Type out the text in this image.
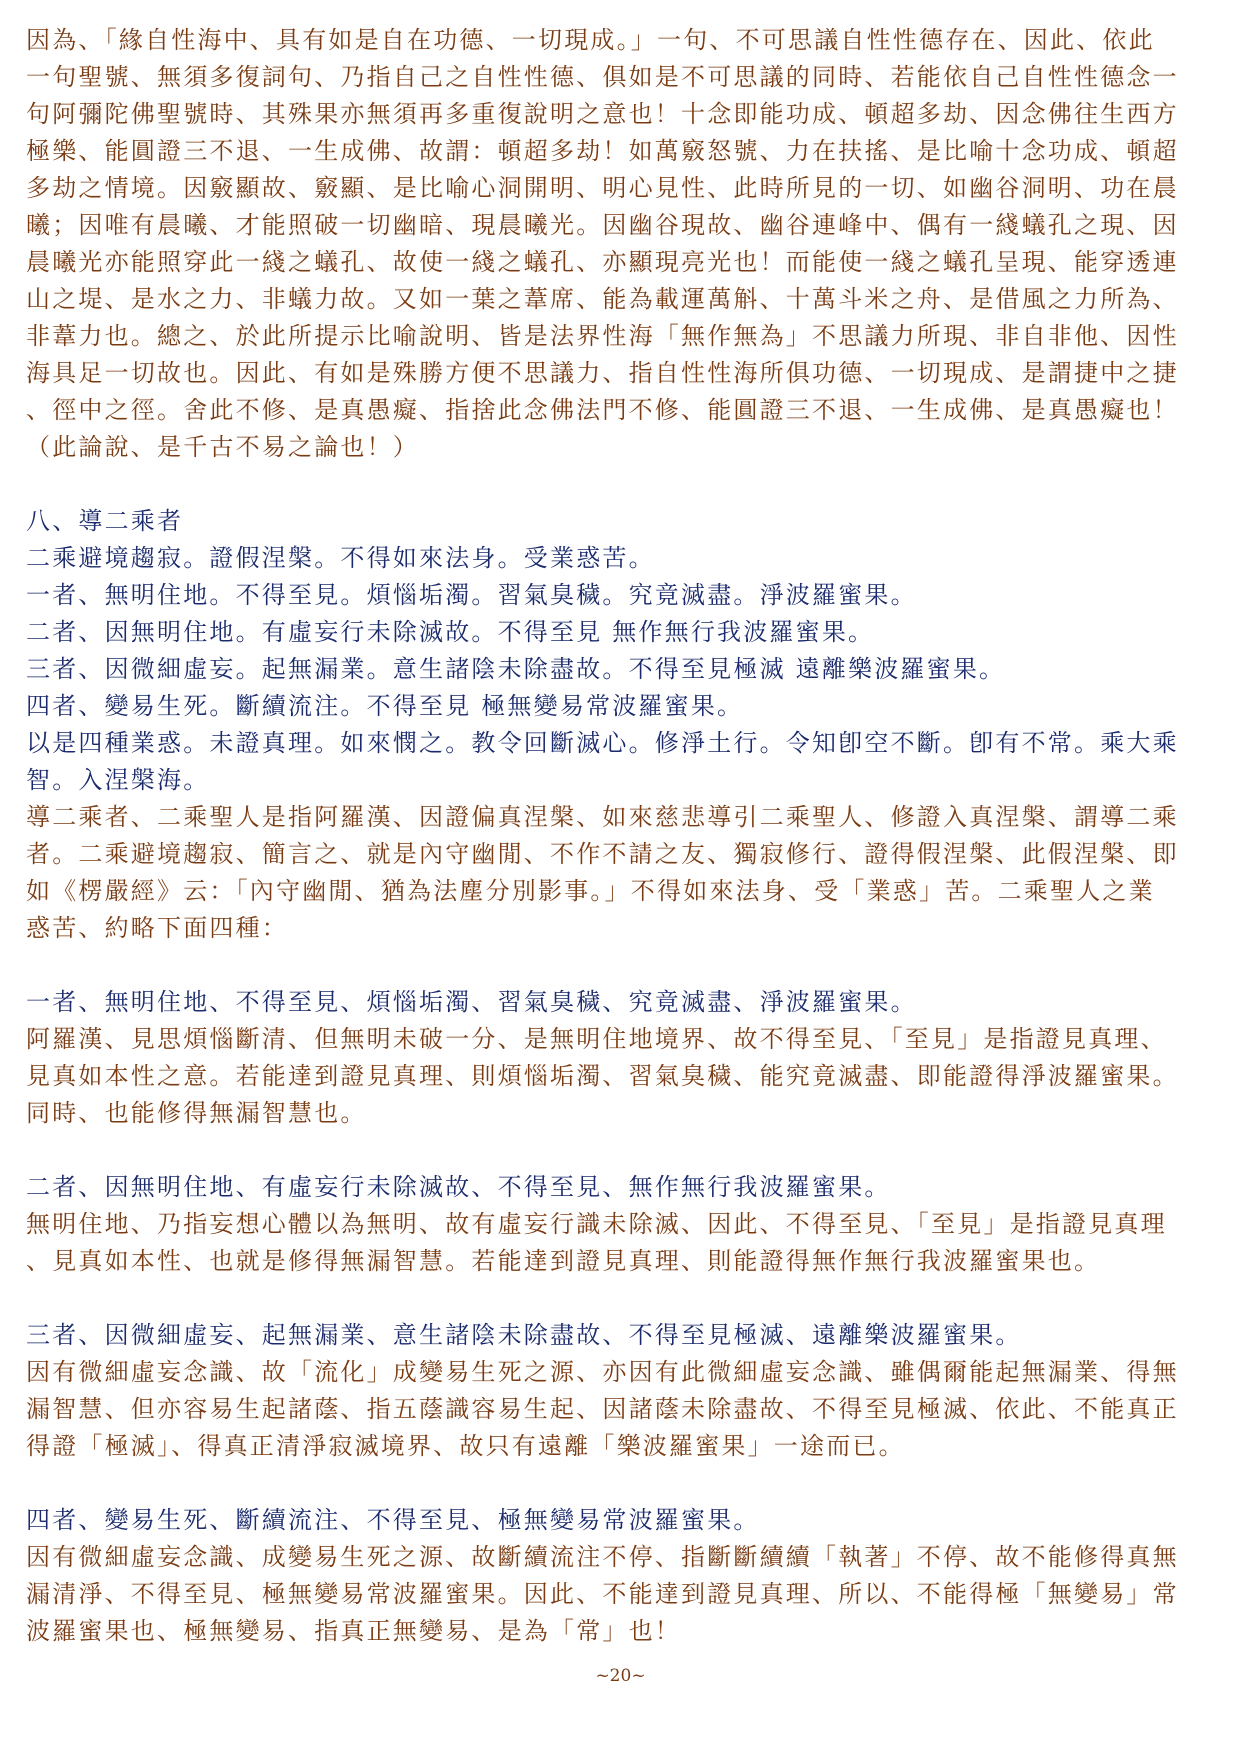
因為、「緣自性海中、具有如是自在功德、一切現成。」一句、不可思議自性性德存在、因此、依此
一句聖號、無須多復詞句、乃指自己之自性性德、俱如是不可思議的同時、若能依自己自性性德念一
句阿彌陀佛聖號時、其殊果亦無須再多重復說明之意也！十念即能功成、頓超多劫、因念佛往生西方
極樂、能圓證三不退、一生成佛、故謂：頓超多劫！如萬竅怒號、力在扶搖、是比喻十念功成、頓超
多劫之情境。因竅顯故、竅顯、是比喻心洞開明、明心見性、此時所見的一切、如幽谷洞明、功在晨
曦；因唯有晨曦、才能照破一切幽暗、現晨曦光。因幽谷現故、幽谷連峰中、偶有一綫蟻孔之現、因
晨曦光亦能照穿此一綫之蟻孔、故使一綫之蟻孔、亦顯現亮光也！而能使一綫之蟻孔呈現、能穿透連
山之堤、是水之力、非蟻力故。又如一葉之葦席、能為載運萬斛、十萬斗米之舟、是借風之力所為、
非葦力也。總之、於此所提示比喻說明、皆是法界性海「無作無為」不思議力所現、非自非他、因性
海具足一切故也。因此、有如是殊勝方便不思議力、指自性性海所俱功德、一切現成、是謂捷中之捷
、徑中之徑。舍此不修、是真愚癡、指捨此念佛法門不修、能圓證三不退、一生成佛、是真愚癡也！
（此論說、是千古不易之論也！）
八、導二乘者
二乘避境趨寂。證假涅槃。不得如來法身。受業惑苦。
一者、無明住地。不得至見。煩惱垢濁。習氣臭穢。究竟滅盡。淨波羅蜜果。
二者、因無明住地。有虛妄行未除滅故。不得至見 無作無行我波羅蜜果。
三者、因微細虛妄。起無漏業。意生諸陰未除盡故。不得至見極滅 遠離樂波羅蜜果。
四者、變易生死。斷續流注。不得至見 極無變易常波羅蜜果。
以是四種業惑。未證真理。如來憫之。教令回斷滅心。修淨土行。令知卽空不斷。卽有不常。乘大乘
智。入涅槃海。
導二乘者、二乘聖人是指阿羅漢、因證偏真涅槃、如來慈悲導引二乘聖人、修證入真涅槃、謂導二乘
者。二乘避境趨寂、簡言之、就是內守幽閒、不作不請之友、獨寂修行、證得假涅槃、此假涅槃、即
如《楞嚴經》云：「內守幽閒、猶為法塵分別影事。」不得如來法身、受「業惑」苦。二乘聖人之業
惑苦、約略下面四種：
一者、無明住地、不得至見、煩惱垢濁、習氣臭穢、究竟滅盡、淨波羅蜜果。
阿羅漢、見思煩惱斷清、但無明未破一分、是無明住地境界、故不得至見、「至見」是指證見真理、
見真如本性之意。若能達到證見真理、則煩惱垢濁、習氣臭穢、能究竟滅盡、即能證得淨波羅蜜果。
同時、也能修得無漏智慧也。
二者、因無明住地、有虛妄行未除滅故、不得至見、無作無行我波羅蜜果。
無明住地、乃指妄想心體以為無明、故有虛妄行識未除滅、因此、不得至見、「至見」是指證見真理
、見真如本性、也就是修得無漏智慧。若能達到證見真理、則能證得無作無行我波羅蜜果也。
三者、因微細虛妄、起無漏業、意生諸陰未除盡故、不得至見極滅、遠離樂波羅蜜果。
因有微細虛妄念識、故「流化」成變易生死之源、亦因有此微細虛妄念識、雖偶爾能起無漏業、得無
漏智慧、但亦容易生起諸蔭、指五蔭識容易生起、因諸蔭未除盡故、不得至見極滅、依此、不能真正
得證「極滅」、得真正清淨寂滅境界、故只有遠離「樂波羅蜜果」一途而已。
四者、變易生死、斷續流注、不得至見、極無變易常波羅蜜果。
因有微細虛妄念識、成變易生死之源、故斷續流注不停、指斷斷續續「執著」不停、故不能修得真無
漏清淨、不得至見、極無變易常波羅蜜果。因此、不能達到證見真理、所以、不能得極「無變易」常
波羅蜜果也、極無變易、指真正無變易、是為「常」也！
~20~
